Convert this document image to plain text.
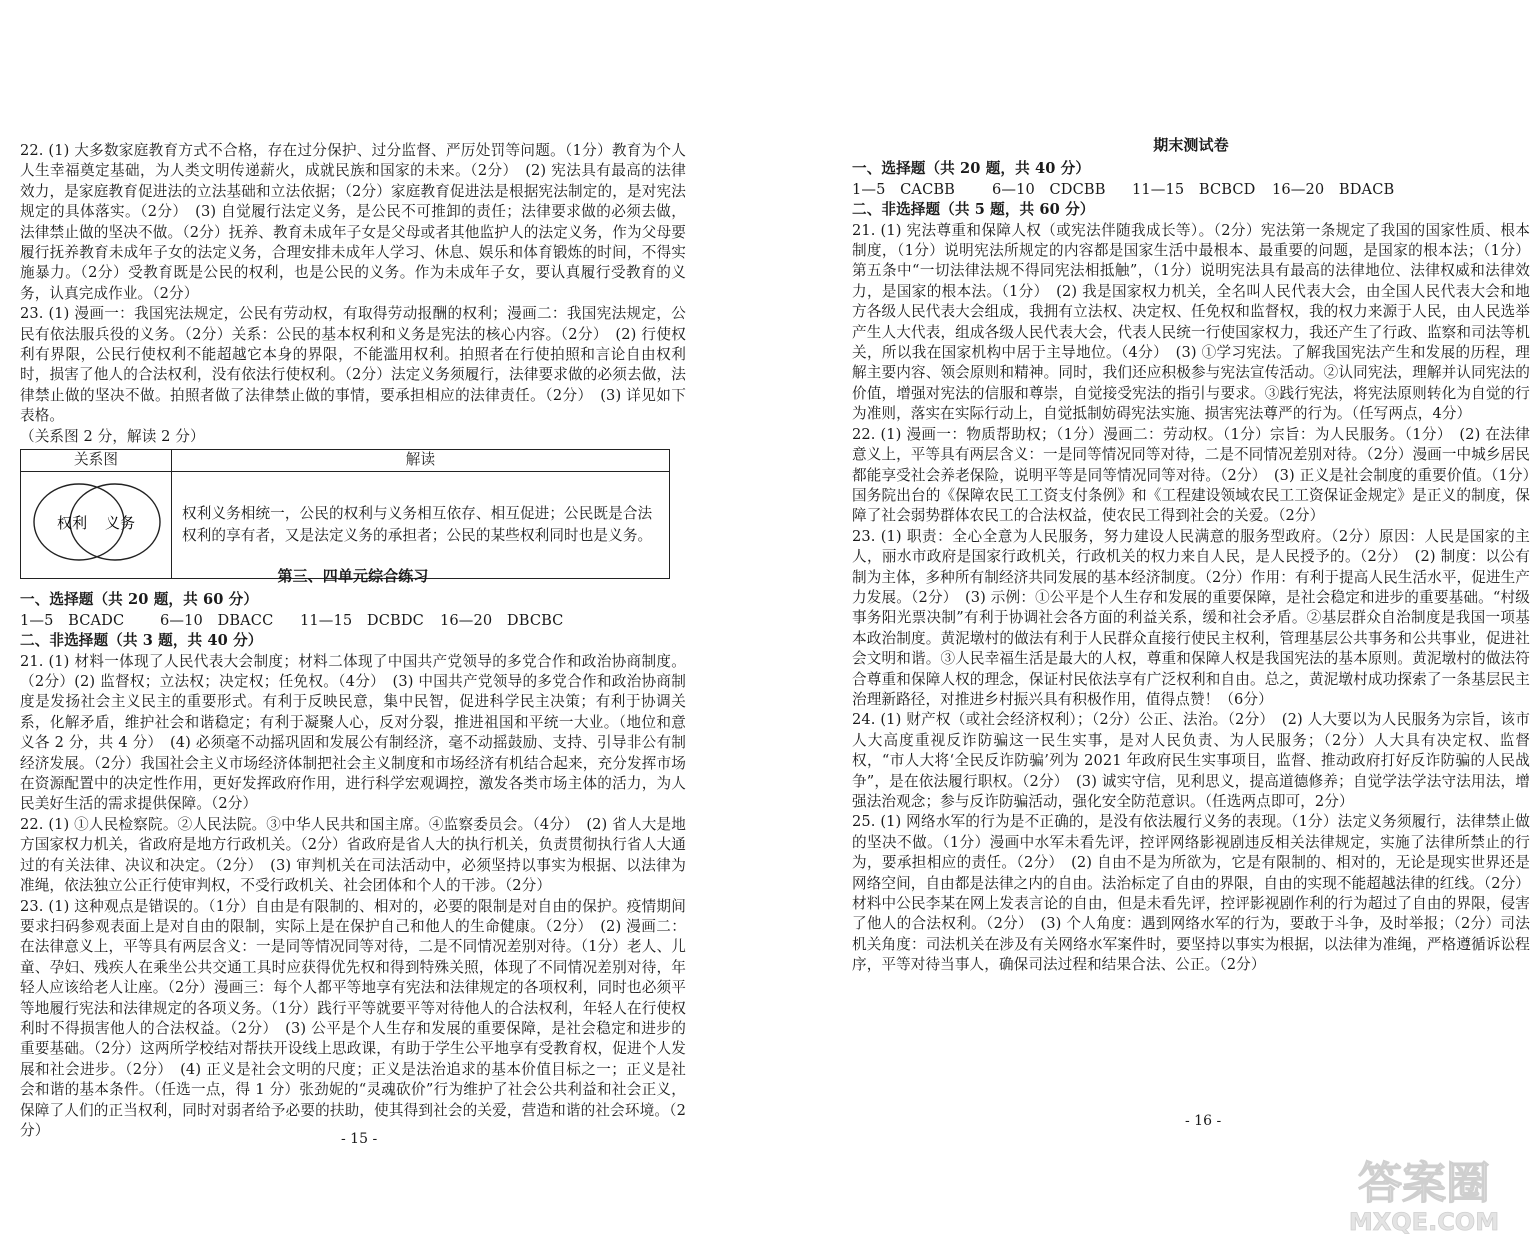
22. (1) 大多数家庭教育方式不合格，存在过分保护、过分监督、严厉处罚等问题。（1分）教育为个人人生幸福奠定基础，为人类文明传递薪火，成就民族和国家的未来。（2分）　(2) 宪法具有最高的法律效力，是家庭教育促进法的立法基础和立法依据；（2分）家庭教育促进法是根据宪法制定的，是对宪法规定的具体落实。（2分）　(3) 自觉履行法定义务，是公民不可推卸的责任；法律要求做的必须去做，法律禁止做的坚决不做。（2分）抚养、教育未成年子女是父母或者其他监护人的法定义务，作为父母要履行抚养教育未成年子女的法定义务，合理安排未成年人学习、休息、娱乐和体育锻炼的时间，不得实施暴力。（2分）受教育既是公民的权利，也是公民的义务。作为未成年子女，要认真履行受教育的义务，认真完成作业。（2分）

23. (1) 漫画一：我国宪法规定，公民有劳动权，有取得劳动报酬的权利；漫画二：我国宪法规定，公民有依法服兵役的义务。（2分）关系：公民的基本权利和义务是宪法的核心内容。（2分）　(2) 行使权利有界限，公民行使权利不能超越它本身的界限，不能滥用权利。拍照者在行使拍照和言论自由权利时，损害了他人的合法权利，没有依法行使权利。（2分）法定义务须履行，法律要求做的必须去做，法律禁止做的坚决不做。拍照者做了法律禁止做的事情，要承担相应的法律责任。（2分）　(3) 详见如下表格。

（关系图 2 分，解读 2 分）

关系图	解读

权利 义务	权利义务相统一，公民的权利与义务相互依存、相互促进；公民既是合法权利的享有者，又是法定义务的承担者；公民的某些权利同时也是义务。
第三、四单元综合练习

一、选择题（共 20 题，共 60 分）

1—5　BCADC	6—10　DBACC	11—15　DCBDC	16—20　DBCBC

二、非选择题（共 3 题，共 40 分）

21. (1) 材料一体现了人民代表大会制度；材料二体现了中国共产党领导的多党合作和政治协商制度。（2分）(2) 监督权；立法权；决定权；任免权。（4分）　(3) 中国共产党领导的多党合作和政治协商制度是发扬社会主义民主的重要形式。有利于反映民意，集中民智，促进科学民主决策；有利于协调关系，化解矛盾，维护社会和谐稳定；有利于凝聚人心，反对分裂，推进祖国和平统一大业。（地位和意义各 2 分，共 4 分）　(4) 必须毫不动摇巩固和发展公有制经济，毫不动摇鼓励、支持、引导非公有制经济发展。（2分）我国社会主义市场经济体制把社会主义制度和市场经济有机结合起来，充分发挥市场在资源配置中的决定性作用，更好发挥政府作用，进行科学宏观调控，激发各类市场主体的活力，为人民美好生活的需求提供保障。（2分）

22. (1) ①人民检察院。②人民法院。③中华人民共和国主席。④监察委员会。（4分）　(2) 省人大是地方国家权力机关，省政府是地方行政机关。（2分）省政府是省人大的执行机关，负责贯彻执行省人大通过的有关法律、决议和决定。（2分）　(3) 审判机关在司法活动中，必须坚持以事实为根据、以法律为准绳，依法独立公正行使审判权，不受行政机关、社会团体和个人的干涉。（2分）

23. (1) 这种观点是错误的。（1分）自由是有限制的、相对的，必要的限制是对自由的保护。疫情期间要求扫码参观表面上是对自由的限制，实际上是在保护自己和他人的生命健康。（2分）　(2) 漫画二：在法律意义上，平等具有两层含义：一是同等情况同等对待，二是不同情况差别对待。（1分）老人、儿童、孕妇、残疾人在乘坐公共交通工具时应获得优先权和得到特殊关照，体现了不同情况差别对待，年轻人应该给老人让座。（2分）漫画三：每个人都平等地享有宪法和法律规定的各项权利，同时也必须平等地履行宪法和法律规定的各项义务。（1分）践行平等就要平等对待他人的合法权利，年轻人在行使权利时不得损害他人的合法权益。（2分）　(3) 公平是个人生存和发展的重要保障，是社会稳定和进步的重要基础。（2分）这两所学校结对帮扶开设线上思政课，有助于学生公平地享有受教育权，促进个人发展和社会进步。（2分）　(4) 正义是社会文明的尺度；正义是法治追求的基本价值目标之一；正义是社会和谐的基本条件。（任选一点，得 1 分）张劲妮的“灵魂砍价”行为维护了社会公共利益和社会正义，保障了人们的正当权利，同时对弱者给予必要的扶助，使其得到社会的关爱，营造和谐的社会环境。（2分）

- 15 -
期末测试卷

一、选择题（共 20 题，共 40 分）

1—5　CACBB	6—10　CDCBB	11—15　BCBCD	16—20　BDACB

二、非选择题（共 5 题，共 60 分）

21. (1) 宪法尊重和保障人权（或宪法伴随我成长等）。（2分）宪法第一条规定了我国的国家性质、根本制度，（1分）说明宪法所规定的内容都是国家生活中最根本、最重要的问题，是国家的根本法；（1分）第五条中“一切法律法规不得同宪法相抵触”，（1分）说明宪法具有最高的法律地位、法律权威和法律效力，是国家的根本法。（1分）　(2) 我是国家权力机关，全名叫人民代表大会，由全国人民代表大会和地方各级人民代表大会组成，我拥有立法权、决定权、任免权和监督权，我的权力来源于人民，由人民选举产生人大代表，组成各级人民代表大会，代表人民统一行使国家权力，我还产生了行政、监察和司法等机关，所以我在国家机构中居于主导地位。（4分）　(3) ①学习宪法。了解我国宪法产生和发展的历程，理解主要内容、领会原则和精神。同时，我们还应积极参与宪法宣传活动。②认同宪法，理解并认同宪法的价值，增强对宪法的信服和尊崇，自觉接受宪法的指引与要求。③践行宪法，将宪法原则转化为自觉的行为准则，落实在实际行动上，自觉抵制妨碍宪法实施、损害宪法尊严的行为。（任写两点，4分）

22. (1) 漫画一：物质帮助权；（1分）漫画二：劳动权。（1分）宗旨：为人民服务。（1分）　(2) 在法律意义上，平等具有两层含义：一是同等情况同等对待，二是不同情况差别对待。（2分）漫画一中城乡居民都能享受社会养老保险，说明平等是同等情况同等对待。（2分）　(3) 正义是社会制度的重要价值。（1分）国务院出台的《保障农民工工资支付条例》和《工程建设领域农民工工资保证金规定》是正义的制度，保障了社会弱势群体农民工的合法权益，使农民工得到社会的关爱。（2分）

23. (1) 职责：全心全意为人民服务，努力建设人民满意的服务型政府。（2分）原因：人民是国家的主人，丽水市政府是国家行政机关，行政机关的权力来自人民，是人民授予的。（2分）　(2) 制度：以公有制为主体，多种所有制经济共同发展的基本经济制度。（2分）作用：有利于提高人民生活水平，促进生产力发展。（2分）　(3) 示例：①公平是个人生存和发展的重要保障，是社会稳定和进步的重要基础。“村级事务阳光票决制”有利于协调社会各方面的利益关系，缓和社会矛盾。②基层群众自治制度是我国一项基本政治制度。黄泥墩村的做法有利于人民群众直接行使民主权利，管理基层公共事务和公共事业，促进社会文明和谐。③人民幸福生活是最大的人权，尊重和保障人权是我国宪法的基本原则。黄泥墩村的做法符合尊重和保障人权的理念，保证村民依法享有广泛权利和自由。总之，黄泥墩村成功探索了一条基层民主治理新路径，对推进乡村振兴具有积极作用，值得点赞！（6分）

24. (1) 财产权（或社会经济权利）；（2分）公正、法治。（2分）　(2) 人大要以为人民服务为宗旨，该市人大高度重视反诈防骗这一民生实事，是对人民负责、为人民服务；（2分）人大具有决定权、监督权，“市人大将‘全民反诈防骗’列为 2021 年政府民生实事项目，监督、推动政府打好反诈防骗的人民战争”，是在依法履行职权。（2分）　(3) 诚实守信，见利思义，提高道德修养；自觉学法学法守法用法，增强法治观念；参与反诈防骗活动，强化安全防范意识。（任选两点即可，2分）

25. (1) 网络水军的行为是不正确的，是没有依法履行义务的表现。（1分）法定义务须履行，法律禁止做的坚决不做。（1分）漫画中水军未看先评，控评网络影视剧违反相关法律规定，实施了法律所禁止的行为，要承担相应的责任。（2分）　(2) 自由不是为所欲为，它是有限制的、相对的，无论是现实世界还是网络空间，自由都是法律之内的自由。法治标定了自由的界限，自由的实现不能超越法律的红线。（2分）材料中公民李某在网上发表言论的自由，但是未看先评，控评影视剧作利的行为超过了自由的界限，侵害了他人的合法权利。（2分）　(3) 个人角度：遇到网络水军的行为，要敢于斗争，及时举报；（2分）司法机关角度：司法机关在涉及有关网络水军案件时，要坚持以事实为根据，以法律为准绳，严格遵循诉讼程序，平等对待当事人，确保司法过程和结果合法、公正。（2分）

- 16 -
答案圈
MXQE.COM
